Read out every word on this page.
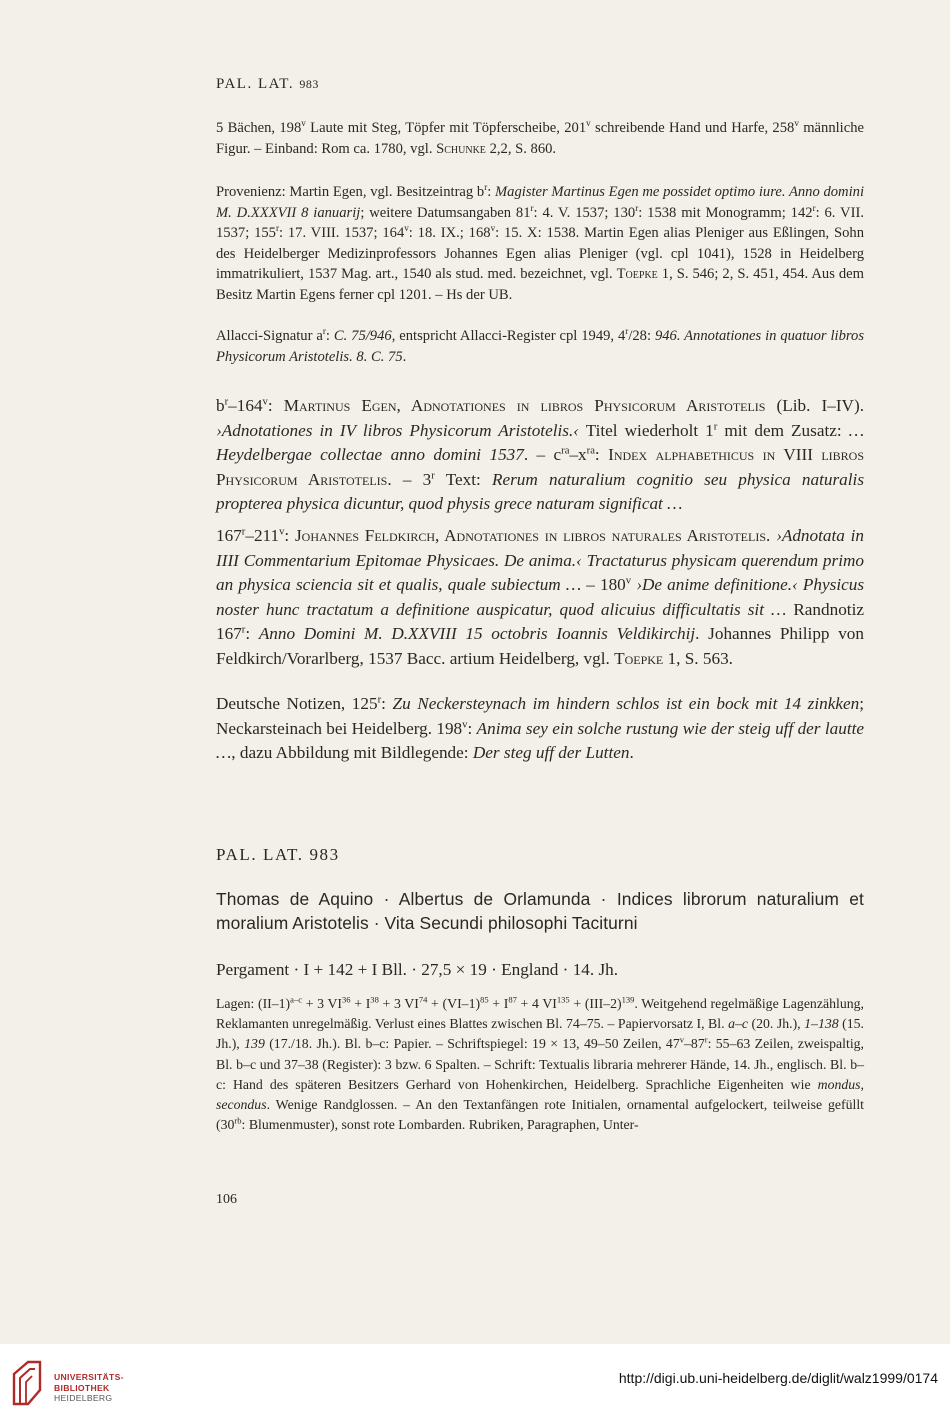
PAL. LAT. 983
5 Bächen, 198$^v$ Laute mit Steg, Töpfer mit Töpferscheibe, 201$^v$ schreibende Hand und Harfe, 258$^v$ männliche Figur. – Einband: Rom ca. 1780, vgl. Schunke 2,2, S. 860.
Provenienz: Martin Egen, vgl. Besitzeintrag $b^r$: Magister Martinus Egen me possidet optimo iure. Anno domini M. D.XXXVII 8 ianuarij; weitere Datumsangaben 81$^r$: 4. V. 1537; 130$^r$: 1538 mit Monogramm; 142$^r$: 6. VII. 1537; 155$^r$: 17. VIII. 1537; 164$^v$: 18. IX.; 168$^v$: 15. X: 1538. Martin Egen alias Pleniger aus Eßlingen, Sohn des Heidelberger Medizinprofessors Johannes Egen alias Pleniger (vgl. cpl 1041), 1528 in Heidelberg immatrikuliert, 1537 Mag. art., 1540 als stud. med. bezeichnet, vgl. Toepke 1, S. 546; 2, S. 451, 454. Aus dem Besitz Martin Egens ferner cpl 1201. – Hs der UB.
Allacci-Signatur $a^r$: C. 75/946, entspricht Allacci-Register cpl 1949, 4$^r$/28: 946. Annotationes in quatuor libros Physicorum Aristotelis. 8. C. 75.
$b^r-164^v$: Martinus Egen, Adnotationes in libros Physicorum Aristotelis (Lib. I–IV). ›Adnotationes in IV libros Physicorum Aristotelis.‹ Titel wiederholt 1$^r$ mit dem Zusatz: … Heydelbergae collectae anno domini 1537. – $c^{ra}-x^{ra}$: Index alphabethicus in VIII libros Physicorum Aristotelis. – 3$^r$ Text: Rerum naturalium cognitio seu physica naturalis propterea physica dicuntur, quod physis grece naturam significat …
167$^r$–211$^v$: Johannes Feldkirch, Adnotationes in libros naturales Aristotelis. ›Adnotata in IIII Commentarium Epitomae Physicaes. De anima.‹ Tractaturus physicam querendum primo an physica sciencia sit et qualis, quale subiectum … – 180$^v$ ›De anime definitione.‹ Physicus noster hunc tractatum a definitione auspicatur, quod alicuius difficultatis sit … Randnotiz 167$^r$: Anno Domini M. D.XXVIII 15 octobris Ioannis Veldikirchij. Johannes Philipp von Feldkirch/Vorarlberg, 1537 Bacc. artium Heidelberg, vgl. Toepke 1, S. 563.
Deutsche Notizen, 125$^r$: Zu Neckersteynach im hindern schlos ist ein bock mit 14 zinkken; Neckarsteinach bei Heidelberg. 198$^v$: Anima sey ein solche rustung wie der steig uff der lautte …, dazu Abbildung mit Bildlegende: Der steg uff der Lutten.
PAL. LAT. 983
Thomas de Aquino · Albertus de Orlamunda · Indices librorum naturalium et moralium Aristotelis · Vita Secundi philosophi Taciturni
Pergament · I + 142 + I Bll. · 27,5 × 19 · England · 14. Jh.
Lagen: $(II-1)^{a-c} + 3$ $VI^{36} + I^{38} + 3$ $VI^{74} + (VI-1)^{85} + I^{87} + 4$ $VI^{135} + (III-2)^{139}$. Weitgehend regelmäßige Lagenzählung, Reklamanten unregelmäßig. Verlust eines Blattes zwischen Bl. 74–75. – Papiervorsatz I, Bl. a–c (20. Jh.), 1–138 (15. Jh.), 139 (17./18. Jh.). Bl. b–c: Papier. – Schriftspiegel: 19 × 13, 49–50 Zeilen, 47$^v$–87$^r$: 55–63 Zeilen, zweispaltig, Bl. b–c und 37–38 (Register): 3 bzw. 6 Spalten. – Schrift: Textualis libraria mehrerer Hände, 14. Jh., englisch. Bl. b–c: Hand des späteren Besitzers Gerhard von Hohenkirchen, Heidelberg. Sprachliche Eigenheiten wie mondus, secondus. Wenige Randglossen. – An den Textanfängen rote Initialen, ornamental aufgelockert, teilweise gefüllt ($30^{rb}$: Blumenmuster), sonst rote Lombarden. Rubriken, Paragraphen, Unter-
106
UNIVERSITÄTS-
BIBLIOTHEK
HEIDELBERG
http://digi.ub.uni-heidelberg.de/diglit/walz1999/0174
